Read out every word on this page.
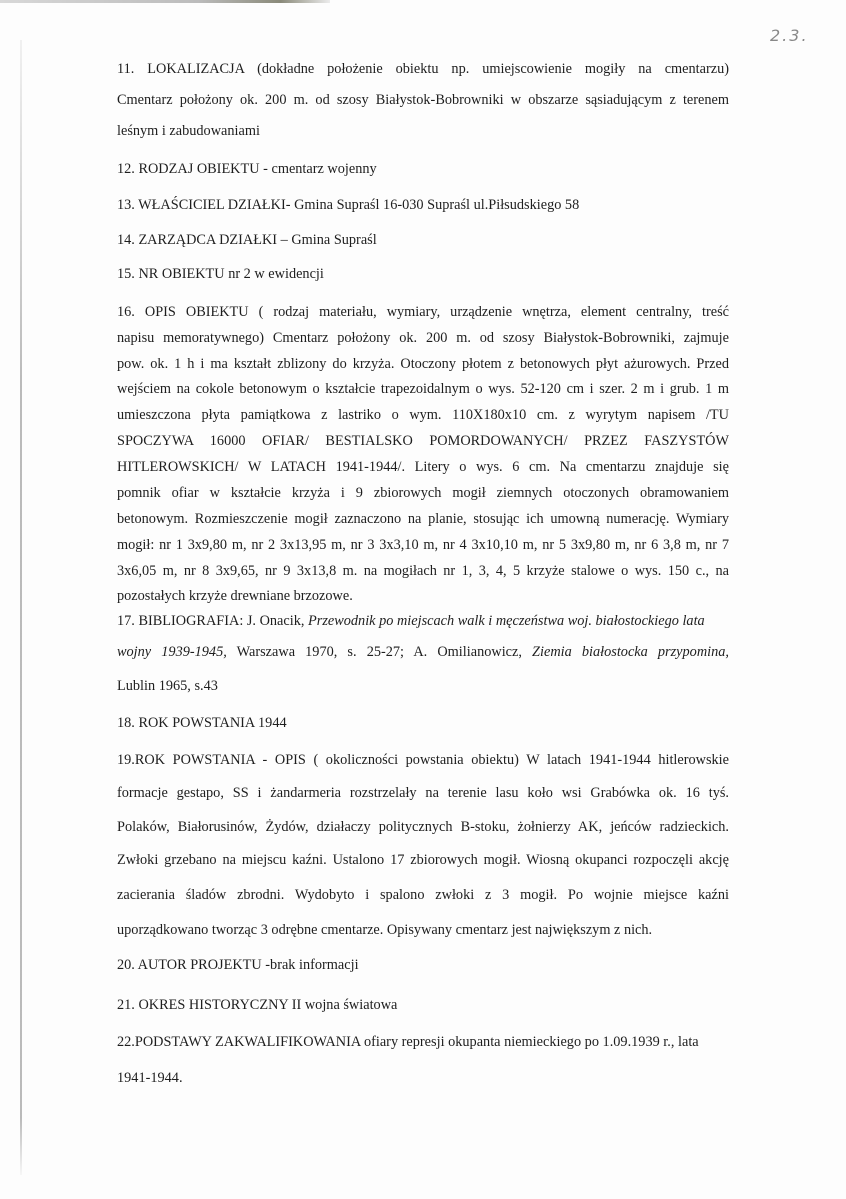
2.3.
11. LOKALIZACJA (dokładne położenie obiektu np. umiejscowienie mogiły na cmentarzu)
Cmentarz położony ok. 200 m. od szosy Białystok-Bobrowniki w obszarze sąsiadującym z terenem
leśnym i zabudowaniami
12. RODZAJ OBIEKTU - cmentarz wojenny
13. WŁAŚCICIEL DZIAŁKI- Gmina Supraśl 16-030 Supraśl ul.Piłsudskiego 58
14. ZARZĄDCA DZIAŁKI – Gmina Supraśl
15. NR OBIEKTU nr 2 w ewidencji
16. OPIS OBIEKTU ( rodzaj materiału, wymiary, urządzenie wnętrza, element centralny, treść
napisu memoratywnego) Cmentarz położony ok. 200 m. od szosy Białystok-Bobrowniki, zajmuje
pow. ok. 1 h i ma kształt zblizony do krzyża. Otoczony płotem z betonowych płyt ażurowych. Przed
wejściem na cokole betonowym o kształcie trapezoidalnym o wys. 52-120 cm i szer. 2 m i grub. 1 m
umieszczona płyta pamiątkowa z lastriko o wym. 110X180x10 cm. z wyrytym napisem /TU
SPOCZYWA 16000 OFIAR/ BESTIALSKO POMORDOWANYCH/ PRZEZ FASZYSTÓW
HITLEROWSKICH/ W LATACH 1941-1944/. Litery o wys. 6 cm. Na cmentarzu znajduje się
pomnik ofiar w kształcie krzyża i 9 zbiorowych mogił ziemnych otoczonych obramowaniem
betonowym. Rozmieszczenie mogił zaznaczono na planie, stosując ich umowną numerację. Wymiary
mogił: nr 1 3x9,80 m, nr 2 3x13,95 m, nr 3 3x3,10 m, nr 4 3x10,10 m, nr 5 3x9,80 m, nr 6 3,8 m, nr 7
3x6,05 m, nr 8 3x9,65, nr 9 3x13,8 m. na mogiłach nr 1, 3, 4, 5 krzyże stalowe o wys. 150 c., na
pozostałych krzyże drewniane brzozowe.
17. BIBLIOGRAFIA: J. Onacik, Przewodnik po miejscach walk i męczeństwa woj. białostockiego lata
wojny 1939-1945, Warszawa 1970, s. 25-27; A. Omilianowicz, Ziemia białostocka przypomina,
Lublin 1965, s.43
18. ROK POWSTANIA 1944
19.ROK POWSTANIA - OPIS ( okoliczności powstania obiektu) W latach 1941-1944 hitlerowskie
formacje gestapo, SS i żandarmeria rozstrzelały na terenie lasu koło wsi Grabówka ok. 16 tyś.
Polaków, Białorusinów, Żydów, działaczy politycznych B-stoku, żołnierzy AK, jeńców radzieckich.
Zwłoki grzebano na miejscu kaźni. Ustalono 17 zbiorowych mogił. Wiosną okupanci rozpoczęli akcję
zacierania śladów zbrodni. Wydobyto i spalono zwłoki z 3 mogił. Po wojnie miejsce kaźni
uporządkowano tworząc 3 odrębne cmentarze. Opisywany cmentarz jest największym z nich.
20. AUTOR PROJEKTU -brak informacji
21. OKRES HISTORYCZNY II wojna światowa
22.PODSTAWY ZAKWALIFIKOWANIA ofiary represji okupanta niemieckiego po 1.09.1939 r., lata
1941-1944.
